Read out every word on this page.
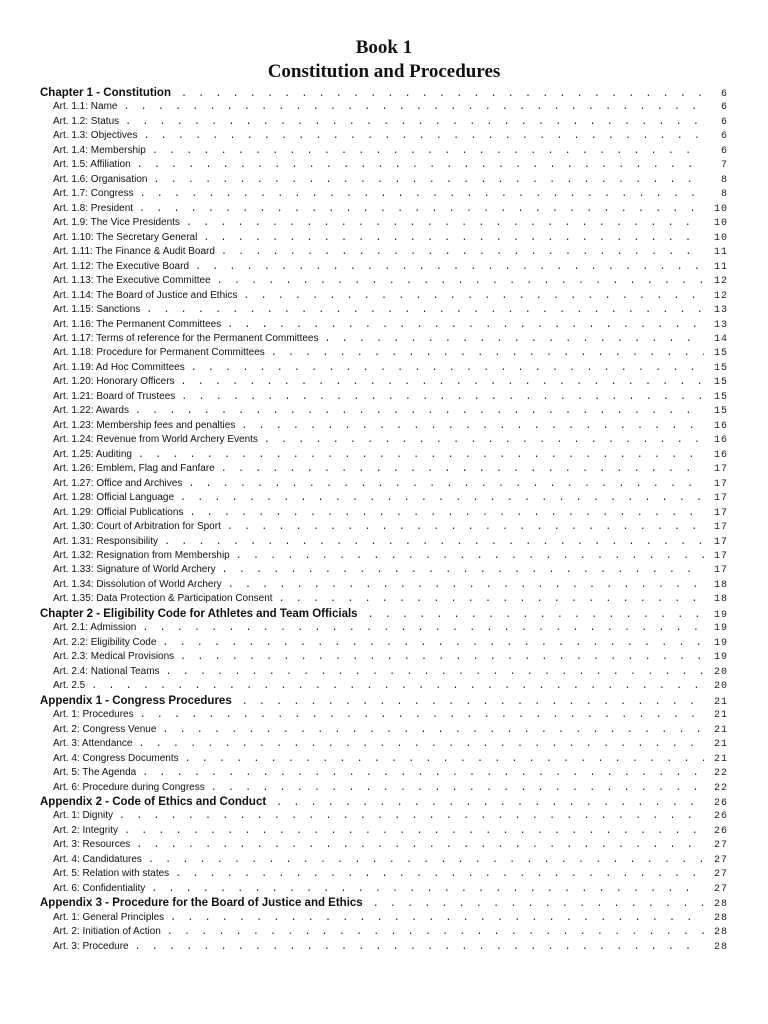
Book 1
Constitution and Procedures
Chapter 1 - Constitution . . .	6
Art. 1.1: Name . . .	6
Art. 1.2: Status . . .	6
Art. 1.3: Objectives . . .	6
Art. 1.4: Membership . . .	6
Art. 1.5: Affiliation . . .	7
Art. 1.6: Organisation . . .	8
Art. 1.7: Congress . . .	8
Art. 1.8: President . . .	10
Art. 1.9: The Vice Presidents . . .	10
Art. 1.10: The Secretary General . . .	10
Art. 1.11: The Finance & Audit Board . . .	11
Art. 1.12: The Executive Board . . .	11
Art. 1.13: The Executive Committee . . .	12
Art. 1.14: The Board of Justice and Ethics . . .	12
Art. 1.15: Sanctions . . .	13
Art. 1.16: The Permanent Committees . . .	13
Art. 1.17: Terms of reference for the Permanent Committees . . .	14
Art. 1.18: Procedure for Permanent Committees . . .	15
Art. 1.19: Ad Hoc Committees . . .	15
Art. 1.20: Honorary Officers . . .	15
Art. 1.21: Board of Trustees . . .	15
Art. 1.22: Awards . . .	15
Art. 1.23: Membership fees and penalties . . .	16
Art. 1.24: Revenue from World Archery Events . . .	16
Art. 1.25: Auditing . . .	16
Art. 1.26: Emblem, Flag and Fanfare . . .	17
Art. 1.27: Office and Archives . . .	17
Art. 1.28: Official Language . . .	17
Art. 1.29: Official Publications . . .	17
Art. 1.30: Court of Arbitration for Sport . . .	17
Art. 1.31: Responsibility . . .	17
Art. 1.32: Resignation from Membership . . .	17
Art. 1.33: Signature of World Archery . . .	17
Art. 1.34: Dissolution of World Archery . . .	18
Art. 1.35: Data Protection & Participation Consent . . .	18
Chapter 2 - Eligibility Code for Athletes and Team Officials . . .	19
Art. 2.1: Admission . . .	19
Art. 2.2: Eligibility Code . . .	19
Art. 2.3: Medical Provisions . . .	19
Art. 2.4: National Teams . . .	20
Art. 2.5 . . .	20
Appendix 1 - Congress Procedures . . .	21
Art. 1: Procedures . . .	21
Art. 2: Congress Venue . . .	21
Art. 3: Attendance . . .	21
Art. 4: Congress Documents . . .	21
Art. 5: The Agenda . . .	22
Art. 6: Procedure during Congress . . .	22
Appendix 2 - Code of Ethics and Conduct . . .	26
Art. 1: Dignity . . .	26
Art. 2: Integrity . . .	26
Art. 3: Resources . . .	27
Art. 4: Candidatures . . .	27
Art. 5: Relation with states . . .	27
Art. 6: Confidentiality . . .	27
Appendix 3 - Procedure for the Board of Justice and Ethics . . .	28
Art. 1: General Principles . . .	28
Art. 2: Initiation of Action . . .	28
Art. 3: Procedure . . .	28
